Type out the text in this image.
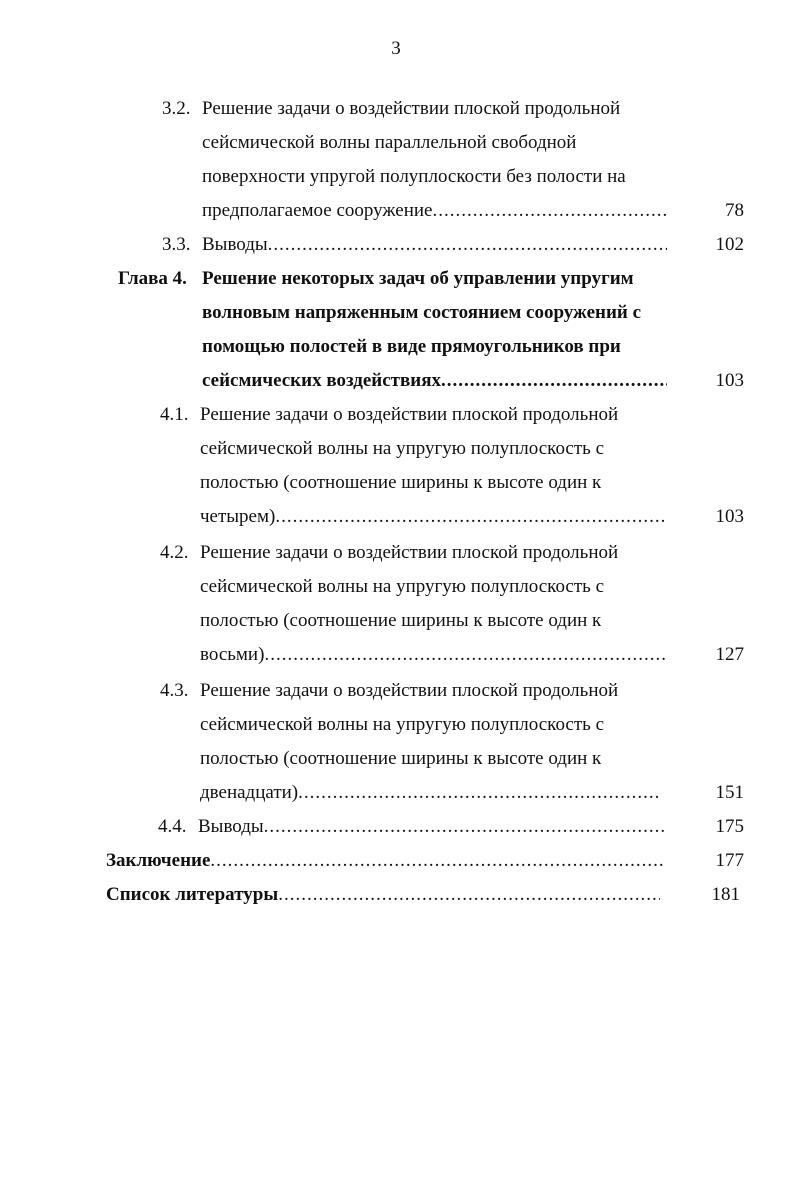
3
3.2. Решение задачи о воздействии плоской продольной
сейсмической волны параллельной свободной
поверхности упругой полуплоскости без полости на
предполагаемое сооружение .....	78
3.3. Выводы .....	102
Глава 4. Решение некоторых задач об управлении упругим
волновым напряженным состоянием сооружений с
помощью полостей в виде прямоугольников при
сейсмических воздействиях .....	103
4.1. Решение задачи о воздействии плоской продольной
сейсмической волны на упругую полуплоскость с
полостью (соотношение ширины к высоте один к
четырем) .....	103
4.2. Решение задачи о воздействии плоской продольной
сейсмической волны на упругую полуплоскость с
полостью (соотношение ширины к высоте один к
восьми) .....	127
4.3. Решение задачи о воздействии плоской продольной
сейсмической волны на упругую полуплоскость с
полостью (соотношение ширины к высоте один к
двенадцати) .....	151
4.4. Выводы .....	175
Заключение .....	177
Список литературы .....	181
